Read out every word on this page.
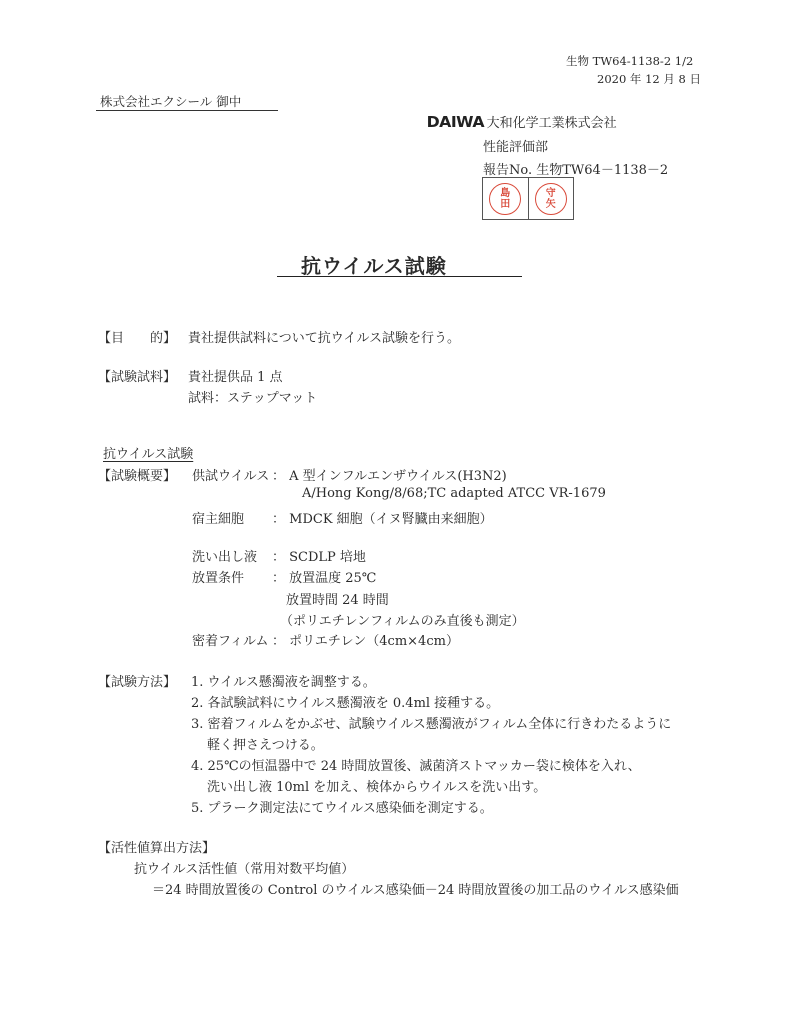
生物 TW64-1138-2 1/2
2020 年 12 月 8 日
株式会社エクシール 御中
DAIWA 大和化学工業株式会社
性能評価部
報告No. 生物TW64－1138－2
島
田
守
矢
抗ウイルス試験
【目　　的】 貴社提供試料について抗ウイルス試験を行う。
【試験試料】 貴社提供品 1 点
試料：ステップマット
抗ウイルス試験
【試験概要】 供試ウイルス ： A 型インフルエンザウイルス(H3N2)
A/Hong Kong/8/68;TC adapted ATCC VR-1679
宿主細胞 ： MDCK 細胞（イヌ腎臓由来細胞）
洗い出し液 ： SCDLP 培地
放置条件 ： 放置温度 25℃
放置時間 24 時間
（ポリエチレンフィルムのみ直後も測定）
密着フィルム ： ポリエチレン（4cm×4cm）
【試験方法】 1. ウイルス懸濁液を調整する。
2. 各試験試料にウイルス懸濁液を 0.4ml 接種する。
3. 密着フィルムをかぶせ、試験ウイルス懸濁液がフィルム全体に行きわたるように
軽く押さえつける。
4. 25℃の恒温器中で 24 時間放置後、滅菌済ストマッカー袋に検体を入れ、
洗い出し液 10ml を加え、検体からウイルスを洗い出す。
5. プラーク測定法にてウイルス感染価を測定する。
【活性値算出方法】
抗ウイルス活性値（常用対数平均値）
＝24 時間放置後の Control のウイルス感染価－24 時間放置後の加工品のウイルス感染価
